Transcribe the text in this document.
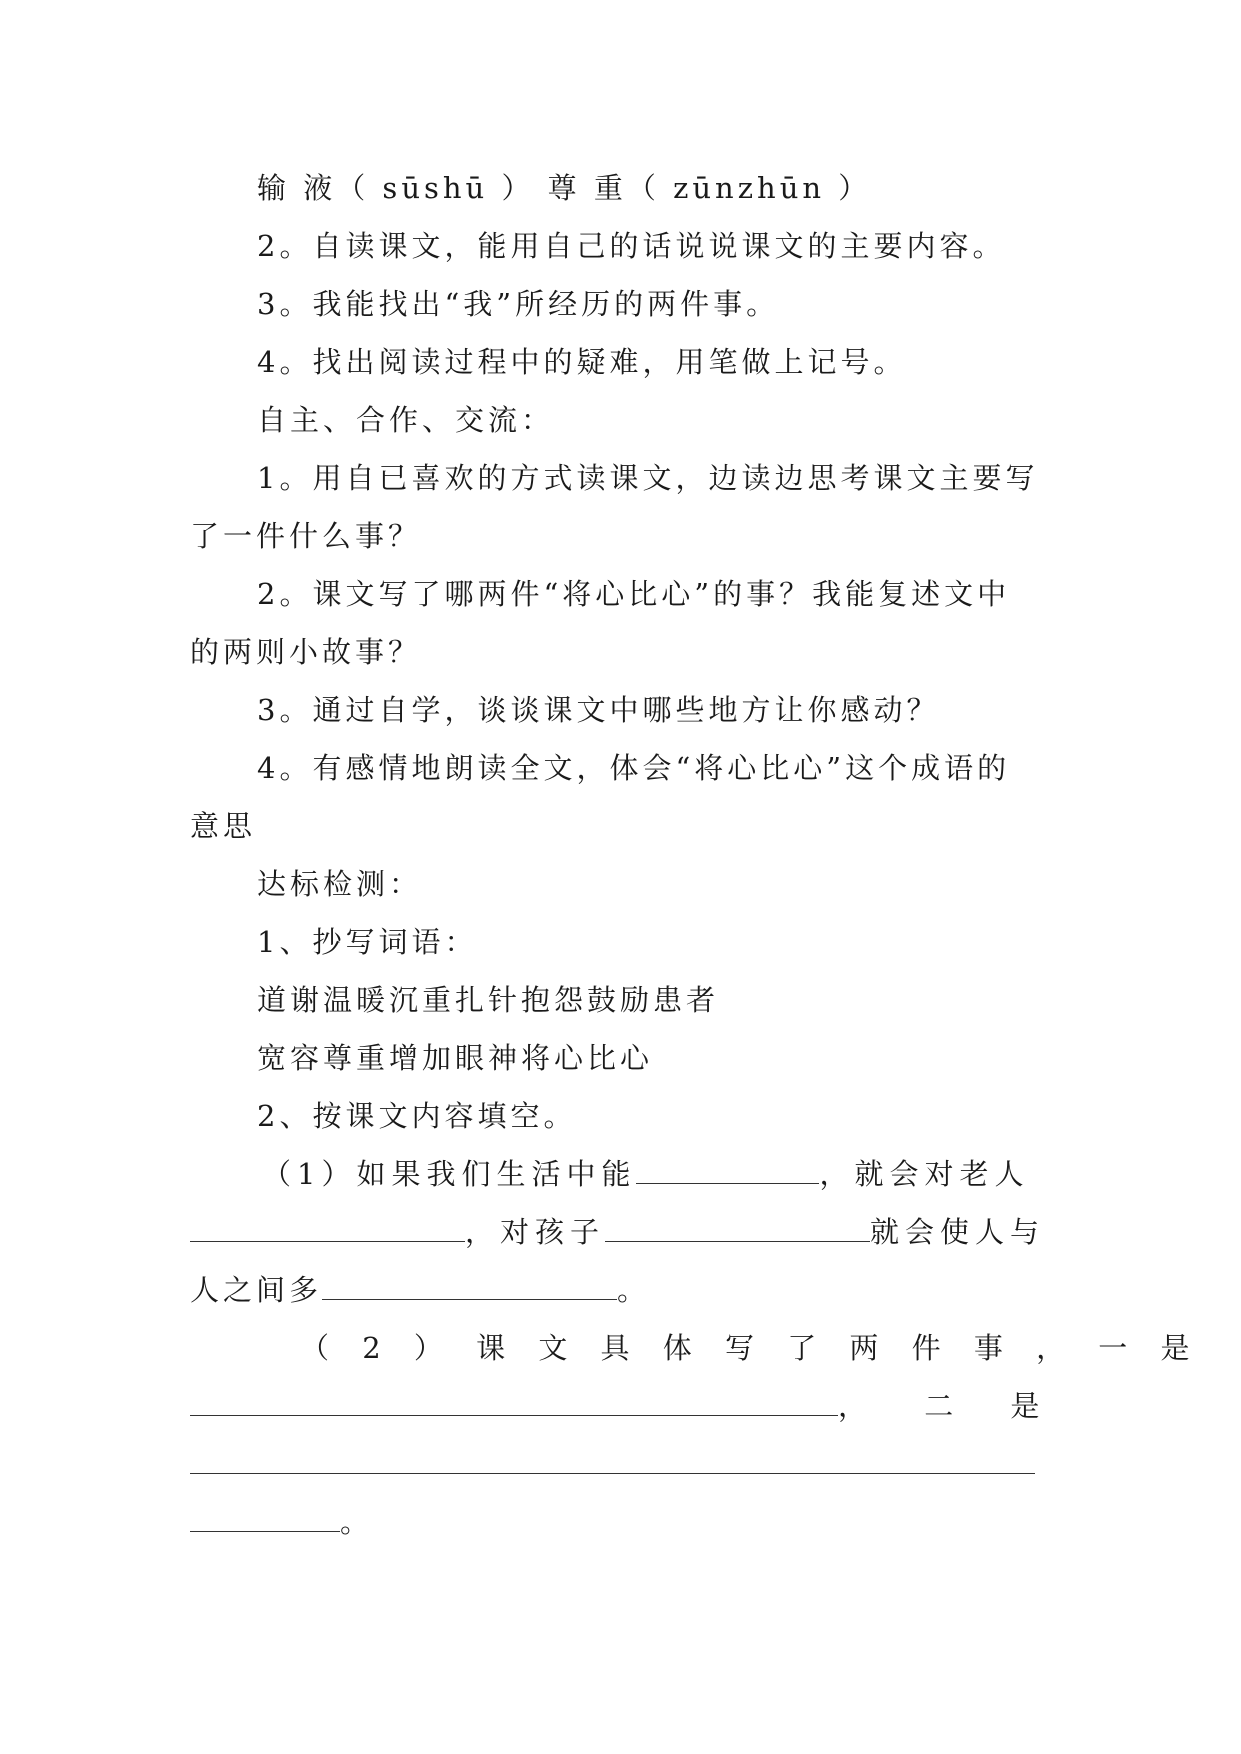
输 液（ sūshū ） 尊 重（ zūnzhūn ）
2。自读课文，能用自己的话说说课文的主要内容。
3。我能找出“我”所经历的两件事。
4。找出阅读过程中的疑难，用笔做上记号。
自主、合作、交流：
1。用自已喜欢的方式读课文，边读边思考课文主要写
了一件什么事？
2。课文写了哪两件“将心比心”的事？我能复述文中
的两则小故事？
3。通过自学，谈谈课文中哪些地方让你感动？
4。有感情地朗读全文，体会“将心比心”这个成语的
意思
达标检测：
1、抄写词语：
道谢温暖沉重扎针抱怨鼓励患者
宽容尊重增加眼神将心比心
2、按课文内容填空。
（1）如果我们生活中能	，就会对老人
，对孩子	就会使人与
人之间多	。
（ 2 ） 课 文 具 体 写 了 两 件 事 ， 一 是
， 二 是
。
